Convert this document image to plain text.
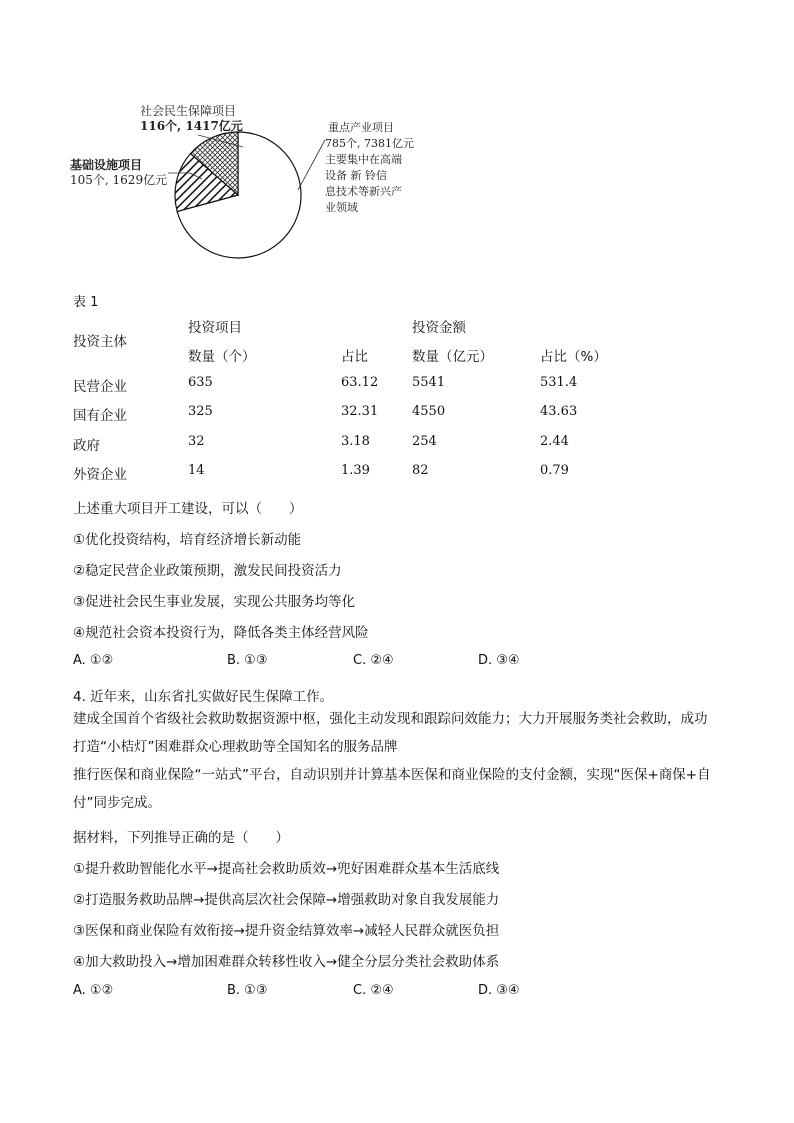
社会民生保障项目
116个, 1417亿元
基础设施项目
105个, 1629亿元
重点产业项目
785个, 7381亿元
主要集中在高端
设备 新 铃信
息技术等新兴产
业领域
表 1
投资主体
投资项目	投资金额
数量（个）	占比	数量（亿元）	占比（%）
民营企业	635	63.12	5541	531.4
国有企业	325	32.31	4550	43.63
政府	32	3.18	254	2.44
外资企业	14	1.39	82	0.79
上述重大项目开工建设，可以（　　）
①优化投资结构，培育经济增长新动能
②稳定民营企业政策预期，激发民间投资活力
③促进社会民生事业发展，实现公共服务均等化
④规范社会资本投资行为，降低各类主体经营风险
A. ①②	B. ①③	C. ②④	D. ③④
4. 近年来，山东省扎实做好民生保障工作。
建成全国首个省级社会救助数据资源中枢，强化主动发现和跟踪问效能力；大力开展服务类社会救助，成功打造“小桔灯”困难群众心理救助等全国知名的服务品牌
推行医保和商业保险“一站式”平台，自动识别并计算基本医保和商业保险的支付金额，实现“医保+商保+自付”同步完成。
据材料，下列推导正确的是（　　）
①提升救助智能化水平→提高社会救助质效→兜好困难群众基本生活底线
②打造服务救助品牌→提供高层次社会保障→增强救助对象自我发展能力
③医保和商业保险有效衔接→提升资金结算效率→减轻人民群众就医负担
④加大救助投入→增加困难群众转移性收入→健全分层分类社会救助体系
A. ①②	B. ①③	C. ②④	D. ③④
